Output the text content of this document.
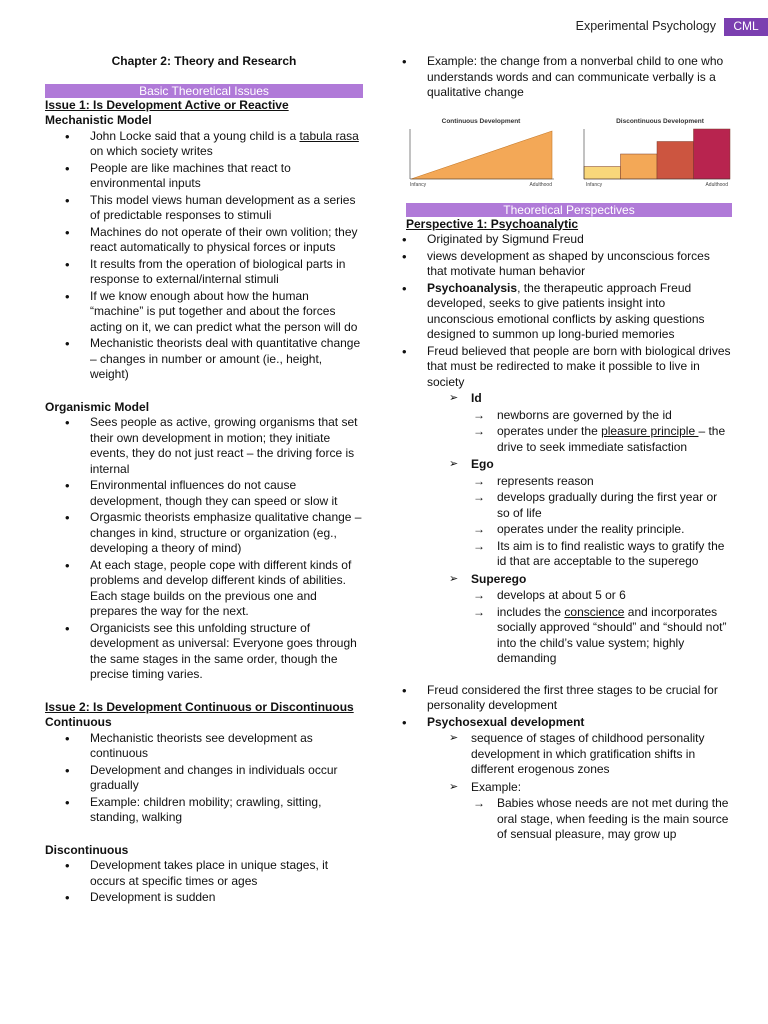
Experimental Psychology	CML
Chapter 2: Theory and Research
Basic Theoretical Issues
Issue 1: Is Development Active or Reactive
Mechanistic Model
• John Locke said that a young child is a tabula rasa on which society writes
• People are like machines that react to environmental inputs
• This model views human development as a series of predictable responses to stimuli
• Machines do not operate of their own volition; they react automatically to physical forces or inputs
• It results from the operation of biological parts in response to external/internal stimuli
• If we know enough about how the human “machine” is put together and about the forces acting on it, we can predict what the person will do
• Mechanistic theorists deal with quantitative change – changes in number or amount (ie., height, weight)
Organismic Model
• Sees people as active, growing organisms that set their own development in motion; they initiate events, they do not just react – the driving force is internal
• Environmental influences do not cause development, though they can speed or slow it
• Orgasmic theorists emphasize qualitative change – changes in kind, structure or organization (eg., developing a theory of mind)
• At each stage, people cope with different kinds of problems and develop different kinds of abilities. Each stage builds on the previous one and prepares the way for the next.
• Organicists see this unfolding structure of development as universal: Everyone goes through the same stages in the same order, though the precise timing varies.
Issue 2: Is Development Continuous or Discontinuous
Continuous
• Mechanistic theorists see development as continuous
• Development and changes in individuals occur gradually
• Example: children mobility; crawling, sitting, standing, walking
Discontinuous
• Development takes place in unique stages, it occurs at specific times or ages
• Development is sudden
• Example: the change from a nonverbal child to one who understands words and can communicate verbally is a qualitative change
Continuous Development
Infancy	Adulthood
Discontinuous Development
Infancy	Adulthood
Theoretical Perspectives
Perspective 1: Psychoanalytic
• Originated by Sigmund Freud
• views development as shaped by unconscious forces that motivate human behavior
• Psychoanalysis, the therapeutic approach Freud developed, seeks to give patients insight into unconscious emotional conflicts by asking questions designed to summon up long-buried memories
• Freud believed that people are born with biological drives that must be redirected to make it possible to live in society
➢ Id
→ newborns are governed by the id
→ operates under the pleasure principle – the drive to seek immediate satisfaction
➢ Ego
→ represents reason
→ develops gradually during the first year or so of life
→ operates under the reality principle.
→ Its aim is to find realistic ways to gratify the id that are acceptable to the superego
➢ Superego
→ develops at about 5 or 6
→ includes the conscience and incorporates socially approved “should” and “should not” into the child’s value system; highly demanding
• Freud considered the first three stages to be crucial for personality development
• Psychosexual development
➢ sequence of stages of childhood personality development in which gratification shifts in different erogenous zones
➢ Example:
→ Babies whose needs are not met during the oral stage, when feeding is the main source of sensual pleasure, may grow up
